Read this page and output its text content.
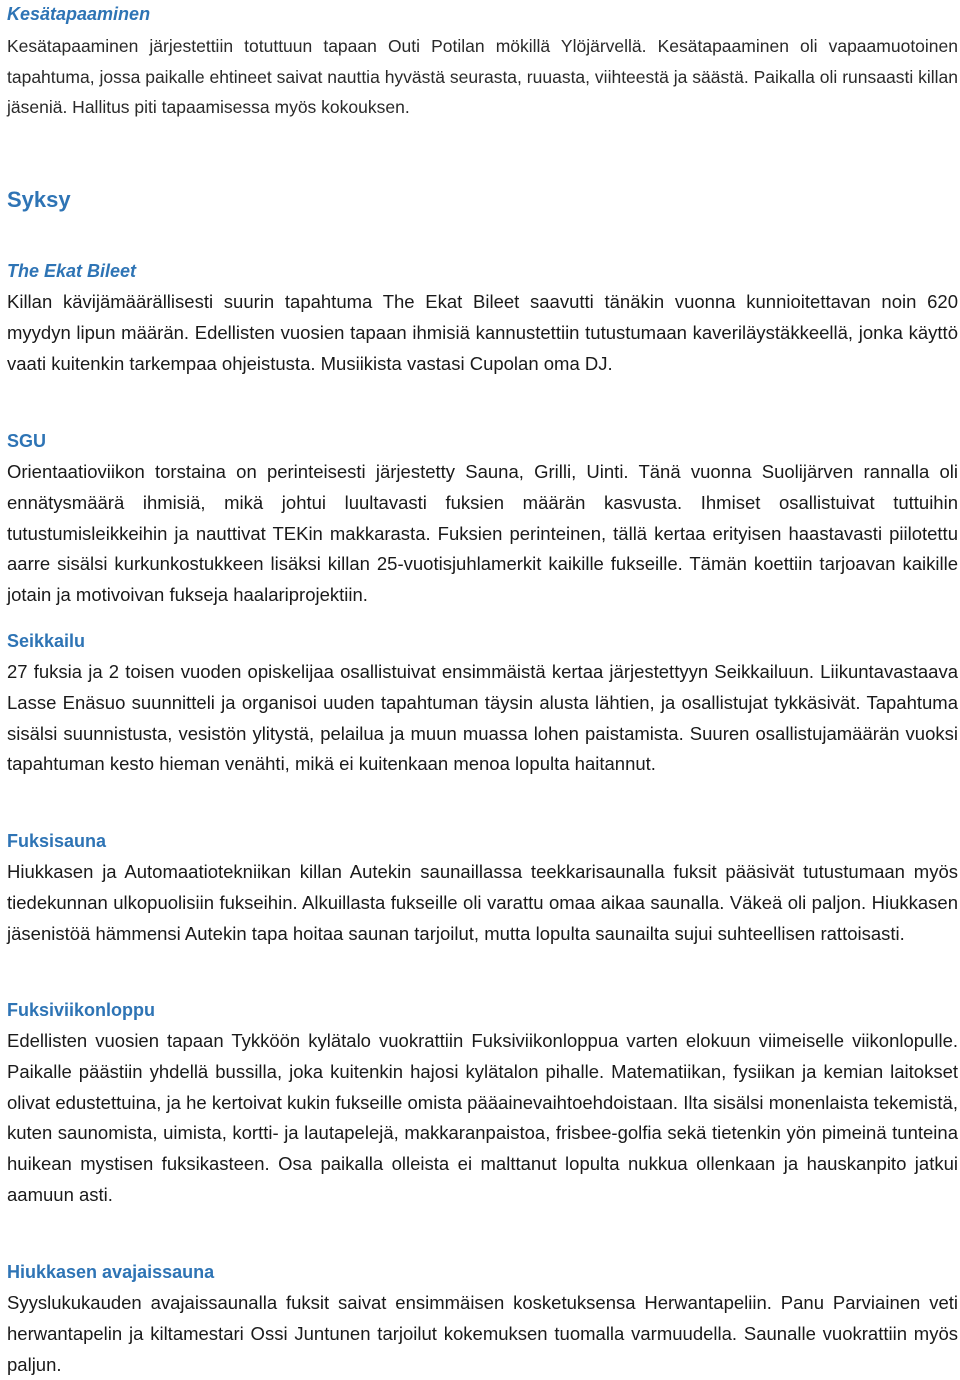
Kesätapaaminen

Kesätapaaminen järjestettiin totuttuun tapaan Outi Potilan mökillä Ylöjärvellä. Kesätapaaminen oli vapaamuotoinen tapahtuma, jossa paikalle ehtineet saivat nauttia hyvästä seurasta, ruuasta, viihteestä ja säästä. Paikalla oli runsaasti killan jäseniä. Hallitus piti tapaamisessa myös kokouksen.

Syksy
The Ekat Bileet

Killan kävijämäärällisesti suurin tapahtuma The Ekat Bileet saavutti tänäkin vuonna kunnioitettavan noin 620 myydyn lipun määrän. Edellisten vuosien tapaan ihmisiä kannustettiin tutustumaan kaveriläystäkkeellä, jonka käyttö vaati kuitenkin tarkempaa ohjeistusta. Musiikista vastasi Cupolan oma DJ.

SGU

Orientaatioviikon torstaina on perinteisesti järjestetty Sauna, Grilli, Uinti. Tänä vuonna Suolijärven rannalla oli ennätysmäärä ihmisiä, mikä johtui luultavasti fuksien määrän kasvusta. Ihmiset osallistuivat tuttuihin tutustumisleikkeihin ja nauttivat TEKin makkarasta. Fuksien perinteinen, tällä kertaa erityisen haastavasti piilotettu aarre sisälsi kurkunkostukkeen lisäksi killan 25-vuotisjuhlamerkit kaikille fukseille. Tämän koettiin tarjoavan kaikille jotain ja motivoivan fukseja haalariprojektiin.

Seikkailu

27 fuksia ja 2 toisen vuoden opiskelijaa osallistuivat ensimmäistä kertaa järjestettyyn Seikkailuun. Liikuntavastaava Lasse Enäsuo suunnitteli ja organisoi uuden tapahtuman täysin alusta lähtien, ja osallistujat tykkäsivät. Tapahtuma sisälsi suunnistusta, vesistön ylitystä, pelailua ja muun muassa lohen paistamista. Suuren osallistujamäärän vuoksi tapahtuman kesto hieman venähti, mikä ei kuitenkaan menoa lopulta haitannut.

Fuksisauna

Hiukkasen ja Automaatiotekniikan killan Autekin saunaillassa teekkarisaunalla fuksit pääsivät tutustumaan myös tiedekunnan ulkopuolisiin fukseihin. Alkuillasta fukseille oli varattu omaa aikaa saunalla. Väkeä oli paljon. Hiukkasen jäsenistöä hämmensi Autekin tapa hoitaa saunan tarjoilut, mutta lopulta saunailta sujui suhteellisen rattoisasti.

Fuksiviikonloppu

Edellisten vuosien tapaan Tykköön kylätalo vuokrattiin Fuksiviikonloppua varten elokuun viimeiselle viikonlopulle. Paikalle päästiin yhdellä bussilla, joka kuitenkin hajosi kylätalon pihalle. Matematiikan, fysiikan ja kemian laitokset olivat edustettuina, ja he kertoivat kukin fukseille omista pääainevaihtoehdoistaan. Ilta sisälsi monenlaista tekemistä, kuten saunomista, uimista, kortti- ja lautapelejä, makkaranpaistoa, frisbee-golfia sekä tietenkin yön pimeinä tunteina huikean mystisen fuksikasteen. Osa paikalla olleista ei malttanut lopulta nukkua ollenkaan ja hauskanpito jatkui aamuun asti.

Hiukkasen avajaissauna

Syyslukukauden avajaissaunalla fuksit saivat ensimmäisen kosketuksensa Herwantapeliin. Panu Parviainen veti herwantapelin ja kiltamestari Ossi Juntunen tarjoilut kokemuksen tuomalla varmuudella. Saunalle vuokrattiin myös paljun.
